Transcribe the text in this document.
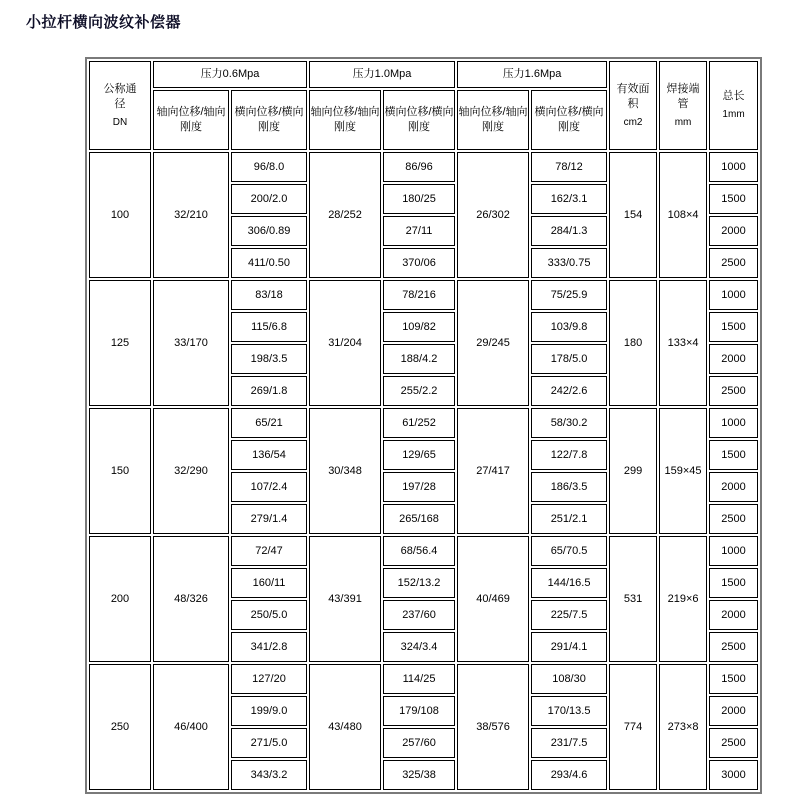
小拉杆横向波纹补偿器
公称通
径
DN	压力0.6Mpa		压力1.0Mpa		压力1.6Mpa		有效面
积
cm2	焊接端
管
mm	总长
1mm

	轴向位移/轴向刚度	横向位移/横向刚度	轴向位移/轴向刚度	横向位移/横向刚度	轴向位移/轴向刚度	横向位移/横向刚度			
100	32/210	96/8.0	28/252	86/96	26/302	78/12	154	108×4	1000
		200/2.0		180/25		162/3.1			1500
		306/0.89		27/11		284/1.3			2000
		411/0.50		370/06		333/0.75			2500
125	33/170	83/18	31/204	78/216	29/245	75/25.9	180	133×4	1000
		115/6.8		109/82		103/9.8			1500
		198/3.5		188/4.2		178/5.0			2000
		269/1.8		255/2.2		242/2.6			2500
150	32/290	65/21	30/348	61/252	27/417	58/30.2	299	159×45	1000
		136/54		129/65		122/7.8			1500
		107/2.4		197/28		186/3.5			2000
		279/1.4		265/168		251/2.1			2500
200	48/326	72/47	43/391	68/56.4	40/469	65/70.5	531	219×6	1000
		160/11		152/13.2		144/16.5			1500
		250/5.0		237/60		225/7.5			2000
		341/2.8		324/3.4		291/4.1			2500
250	46/400	127/20	43/480	114/25	38/576	108/30	774	273×8	1500
		199/9.0		179/108		170/13.5			2000
		271/5.0		257/60		231/7.5			2500
		343/3.2		325/38		293/4.6			3000
